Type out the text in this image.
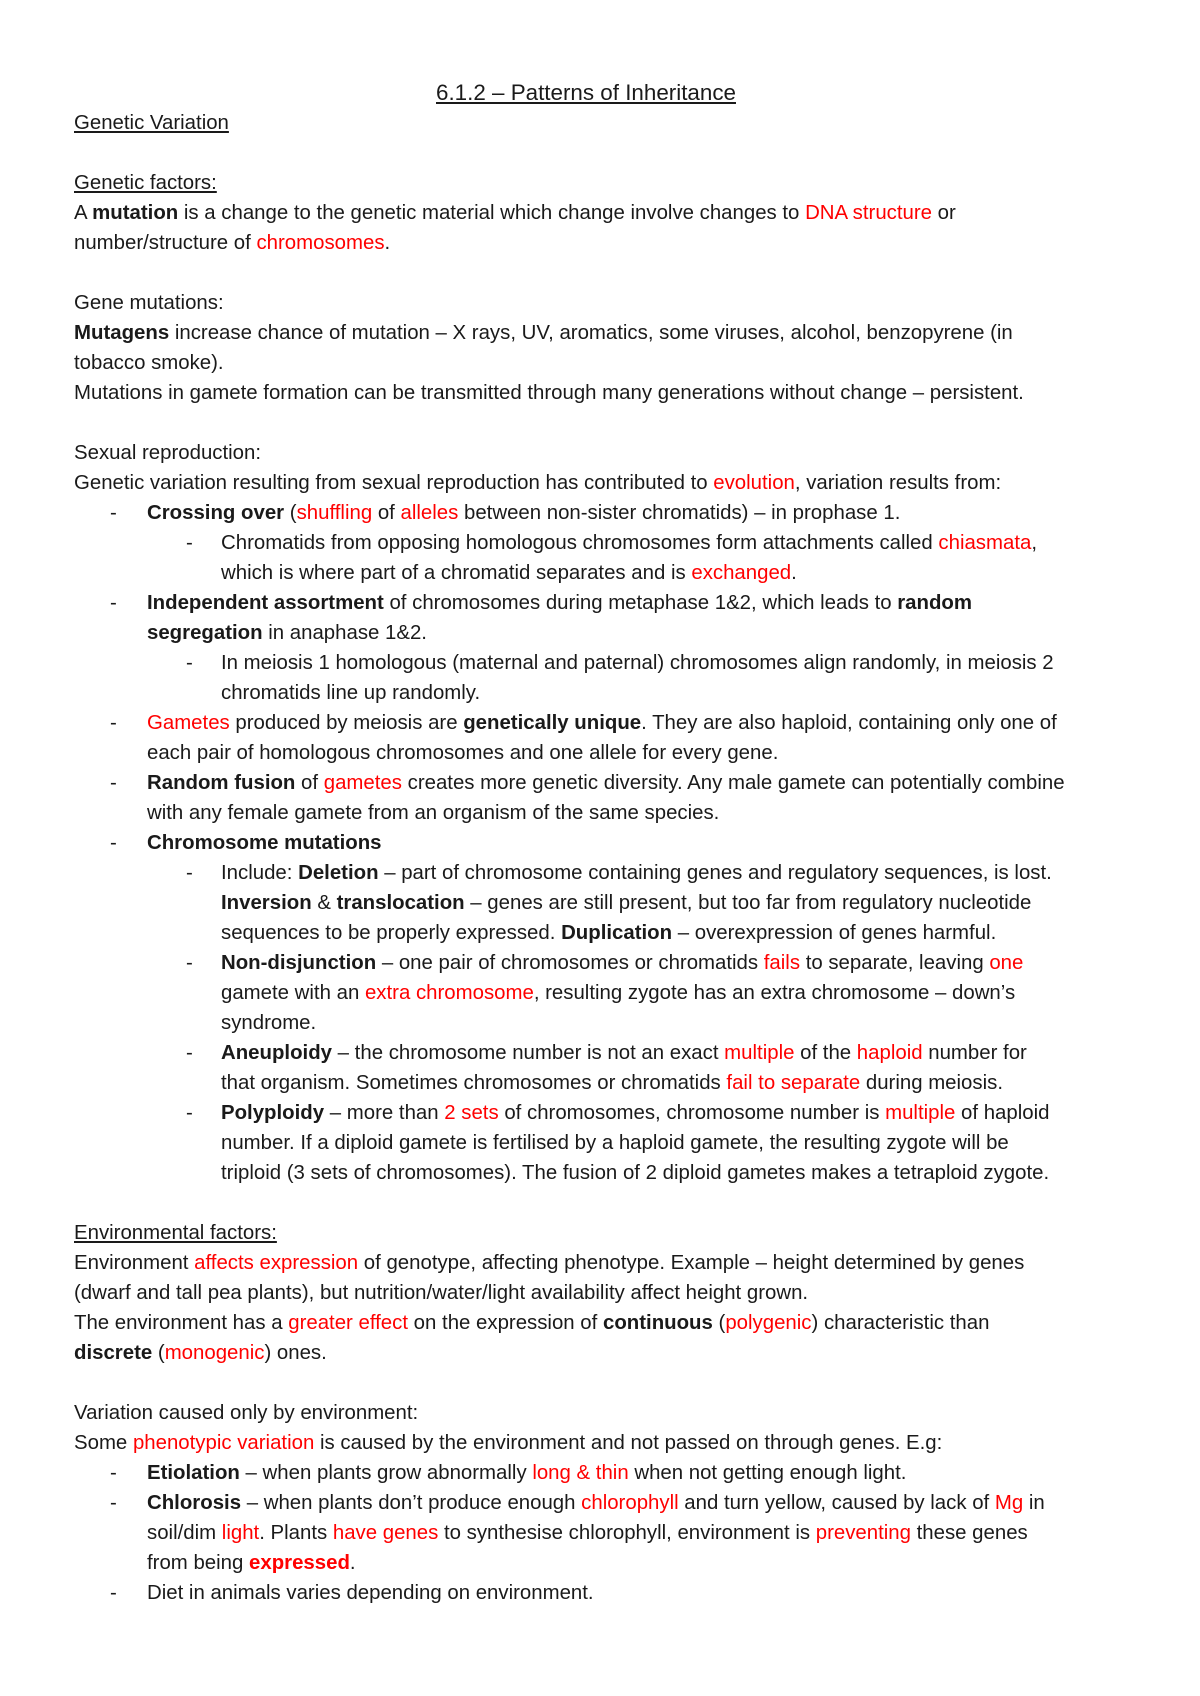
6.1.2 – Patterns of Inheritance
Genetic Variation
Genetic factors:
A mutation is a change to the genetic material which change involve changes to DNA structure or
number/structure of chromosomes.
Gene mutations:
Mutagens increase chance of mutation – X rays, UV, aromatics, some viruses, alcohol, benzopyrene (in
tobacco smoke).
Mutations in gamete formation can be transmitted through many generations without change – persistent.
Sexual reproduction:
Genetic variation resulting from sexual reproduction has contributed to evolution, variation results from:
- Crossing over (shuffling of alleles between non-sister chromatids) – in prophase 1.
- Chromatids from opposing homologous chromosomes form attachments called chiasmata,
which is where part of a chromatid separates and is exchanged.
- Independent assortment of chromosomes during metaphase 1&2, which leads to random
segregation in anaphase 1&2.
- In meiosis 1 homologous (maternal and paternal) chromosomes align randomly, in meiosis 2
chromatids line up randomly.
- Gametes produced by meiosis are genetically unique. They are also haploid, containing only one of
each pair of homologous chromosomes and one allele for every gene.
- Random fusion of gametes creates more genetic diversity. Any male gamete can potentially combine
with any female gamete from an organism of the same species.
- Chromosome mutations
- Include: Deletion – part of chromosome containing genes and regulatory sequences, is lost.
Inversion & translocation – genes are still present, but too far from regulatory nucleotide
sequences to be properly expressed. Duplication – overexpression of genes harmful.
- Non-disjunction – one pair of chromosomes or chromatids fails to separate, leaving one
gamete with an extra chromosome, resulting zygote has an extra chromosome – down’s
syndrome.
- Aneuploidy – the chromosome number is not an exact multiple of the haploid number for
that organism. Sometimes chromosomes or chromatids fail to separate during meiosis.
- Polyploidy – more than 2 sets of chromosomes, chromosome number is multiple of haploid
number. If a diploid gamete is fertilised by a haploid gamete, the resulting zygote will be
triploid (3 sets of chromosomes). The fusion of 2 diploid gametes makes a tetraploid zygote.
Environmental factors:
Environment affects expression of genotype, affecting phenotype. Example – height determined by genes
(dwarf and tall pea plants), but nutrition/water/light availability affect height grown.
The environment has a greater effect on the expression of continuous (polygenic) characteristic than
discrete (monogenic) ones.
Variation caused only by environment:
Some phenotypic variation is caused by the environment and not passed on through genes. E.g:
- Etiolation – when plants grow abnormally long & thin when not getting enough light.
- Chlorosis – when plants don’t produce enough chlorophyll and turn yellow, caused by lack of Mg in
soil/dim light. Plants have genes to synthesise chlorophyll, environment is preventing these genes
from being expressed.
- Diet in animals varies depending on environment.
